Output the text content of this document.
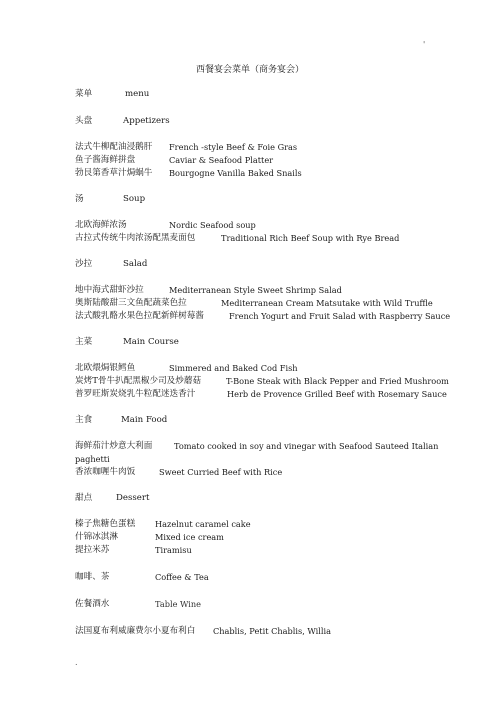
'
西餐宴会菜单（商务宴会）
菜单	menu
头盘	Appetizers
法式牛柳配油浸鹅肝 French -style Beef & Foie Gras
鱼子酱海鲜拼盘	Caviar & Seafood Platter
勃艮第香草汁焗蜗牛 Bourgogne Vanilla Baked Snails
汤	Soup
北欧海鲜浓汤	Nordic Seafood soup
古拉式传统牛肉浓汤配黑麦面包	Traditional Rich Beef Soup with Rye Bread
沙拉	Salad
地中海式甜虾沙拉	Mediterranean Style Sweet Shrimp Salad
奥斯陆酸甜三文鱼配蔬菜色拉	Mediterranean Cream Matsutake with Wild Truffle
法式酸乳酪水果色拉配新鲜树莓酱	French Yogurt and Fruit Salad with Raspberry Sauce
主菜	Main Course
北欧煨焗银鳕鱼	Simmered and Baked Cod Fish
炭烤T骨牛扒配黑椒少司及炒蘑菇	T-Bone Steak with Black Pepper and Fried Mushroom
普罗旺斯炭烧乳牛粒配迷迭香汁	Herb de Provence Grilled Beef with Rosemary Sauce
主食	Main Food
海鲜茄汁炒意大利面	Tomato cooked in soy and vinegar with Seafood Sauteed Italian
paghetti
香浓咖喱牛肉饭	Sweet Curried Beef with Rice
甜点	Dessert
榛子焦糖色蛋糕 Hazelnut caramel cake
什锦冰淇淋	Mixed ice cream
提拉米苏	Tiramisu
咖啡、茶	Coffee & Tea
佐餐酒水	Table Wine
法国夏布利威廉费尔小夏布利白 Chablis, Petit Chablis, Willia
.
